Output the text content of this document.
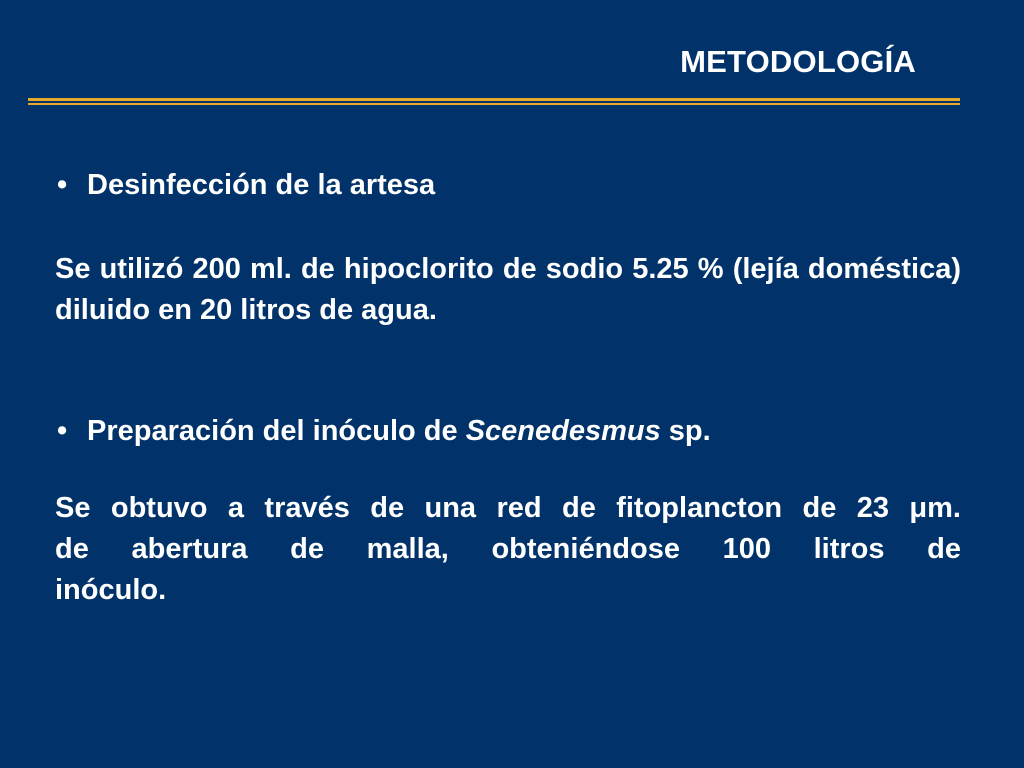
METODOLOGÍA
• Desinfección de la artesa
Se utilizó 200 ml. de hipoclorito de sodio 5.25 % (lejía doméstica) diluido en 20 litros de agua.
• Preparación del inóculo de Scenedesmus sp.
Se obtuvo a través de una red de fitoplancton de 23 μm.
de abertura de malla, obteniéndose 100 litros de
inóculo.
